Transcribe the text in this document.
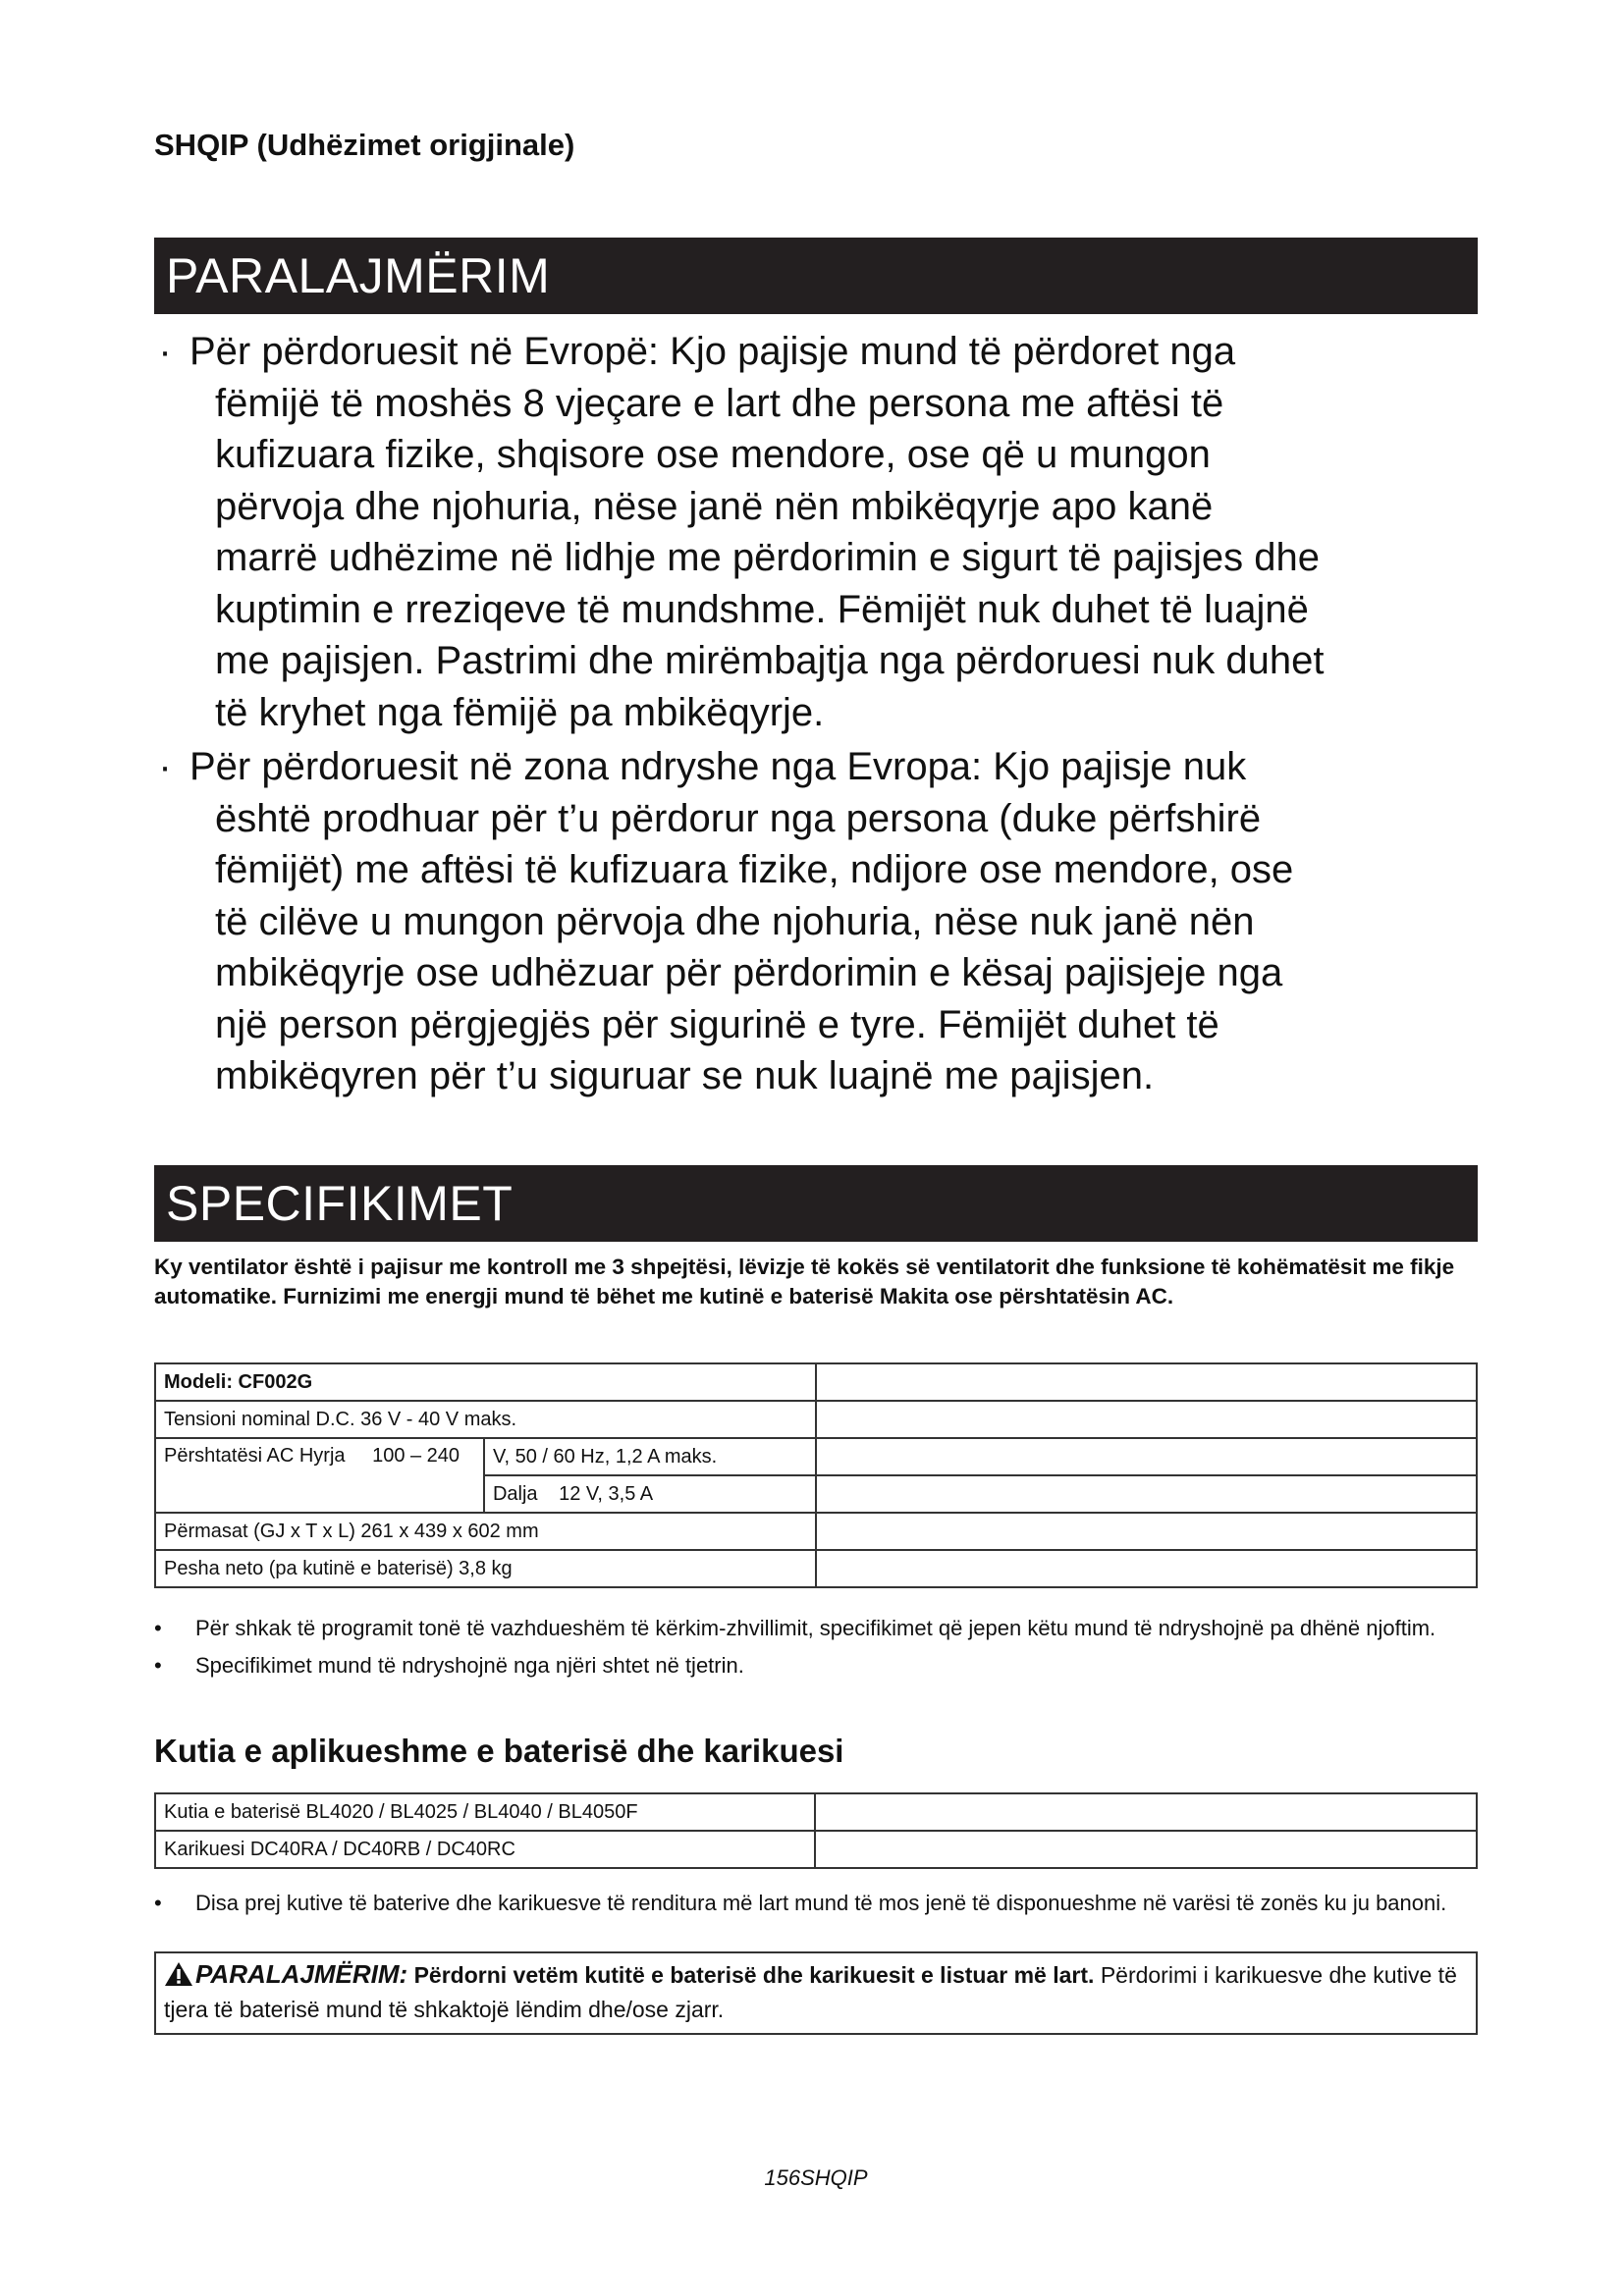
SHQIP (Udhëzimet origjinale)
PARALAJMËRIM
· Për përdoruesit në Evropë: Kjo pajisje mund të përdoret nga
fëmijë të moshës 8 vjeçare e lart dhe persona me aftësi të
kufizuara fizike, shqisore ose mendore, ose që u mungon
përvoja dhe njohuria, nëse janë nën mbikëqyrje apo kanë
marrë udhëzime në lidhje me përdorimin e sigurt të pajisjes dhe
kuptimin e rreziqeve të mundshme. Fëmijët nuk duhet të luajnë
me pajisjen. Pastrimi dhe mirëmbajtja nga përdoruesi nuk duhet
të kryhet nga fëmijë pa mbikëqyrje.
· Për përdoruesit në zona ndryshe nga Evropa: Kjo pajisje nuk
është prodhuar për t’u përdorur nga persona (duke përfshirë
fëmijët) me aftësi të kufizuara fizike, ndijore ose mendore, ose
të cilëve u mungon përvoja dhe njohuria, nëse nuk janë nën
mbikëqyrje ose udhëzuar për përdorimin e kësaj pajisjeje nga
një person përgjegjës për sigurinë e tyre. Fëmijët duhet të
mbikëqyren për t’u siguruar se nuk luajnë me pajisjen.
SPECIFIKIMET
Ky ventilator është i pajisur me kontroll me 3 shpejtësi, lëvizje të kokës së ventilatorit dhe funksione të kohëmatësit me fikje automatike. Furnizimi me energji mund të bëhet me kutinë e baterisë Makita ose përshtatësin AC.
Modeli: CF002G		
Tensioni nominal D.C. 36 V - 40 V maks.		
Përshtatësi AC Hyrja 100 – 240	V, 50 / 60 Hz, 1,2 A maks.	
	Dalja 12 V, 3,5 A	
Përmasat (GJ x T x L) 261 x 439 x 602 mm		
Pesha neto (pa kutinë e baterisë) 3,8 kg		
• Për shkak të programit tonë të vazhdueshëm të kërkim-zhvillimit, specifikimet që jepen këtu mund të ndryshojnë pa dhënë njoftim.
• Specifikimet mund të ndryshojnë nga njëri shtet në tjetrin.
Kutia e aplikueshme e baterisë dhe karikuesi
Kutia e baterisë BL4020 / BL4025 / BL4040 / BL4050F	
Karikuesi DC40RA / DC40RB / DC40RC	
• Disa prej kutive të baterive dhe karikuesve të renditura më lart mund të mos jenë të disponueshme në varësi të zonës ku ju banoni.
PARALAJMËRIM: Përdorni vetëm kutitë e baterisë dhe karikuesit e listuar më lart. Përdorimi i karikuesve dhe kutive të tjera të baterisë mund të shkaktojë lëndim dhe/ose zjarr.
156SHQIP
